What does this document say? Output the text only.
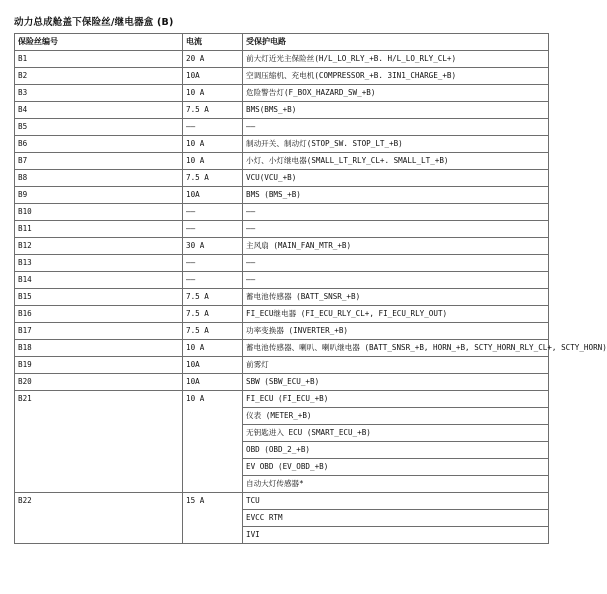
动力总成舱盖下保险丝/继电器盒 (B)
保险丝编号	电流	受保护电路
B1	20 A	前大灯近光主保险丝(H/L_LO_RLY_+B. H/L_LO_RLY_CL+)
B2	10A	空调压缩机、充电机(COMPRESSOR_+B. 3IN1_CHARGE_+B)
B3	10 A	危险警告灯(F_BOX_HAZARD_SW_+B)
B4	7.5 A	BMS(BMS_+B)
B5	——	——
B6	10 A	制动开关、制动灯(STOP_SW. STOP_LT_+B)
B7	10 A	小灯、小灯继电器(SMALL_LT_RLY_CL+. SMALL_LT_+B)
B8	7.5 A	VCU(VCU_+B)
B9	10A	BMS (BMS_+B)
B10	——	——
B11	——	——
B12	30 A	主风扇 (MAIN_FAN_MTR_+B)
B13	——	——
B14	——	——
B15	7.5 A	蓄电池传感器 (BATT_SNSR_+B)
B16	7.5 A	FI_ECU继电器 (FI_ECU_RLY_CL+, FI_ECU_RLY_OUT)
B17	7.5 A	功率变换器 (INVERTER_+B)
B18	10 A	蓄电池传感器、喇叭、喇叭继电器 (BATT_SNSR_+B, HORN_+B, SCTY_HORN_RLY_CL+, SCTY_HORN)
B19	10A	前雾灯
B20	10A	SBW (SBW_ECU_+B)
B21	10 A	FI_ECU (FI_ECU_+B)
		仪表 (METER_+B)
		无钥匙进入 ECU (SMART_ECU_+B)
		OBD (OBD_2_+B)
		EV OBD (EV_OBD_+B)
		自动大灯传感器*
B22	15 A	TCU
		EVCC RTM
		IVI
